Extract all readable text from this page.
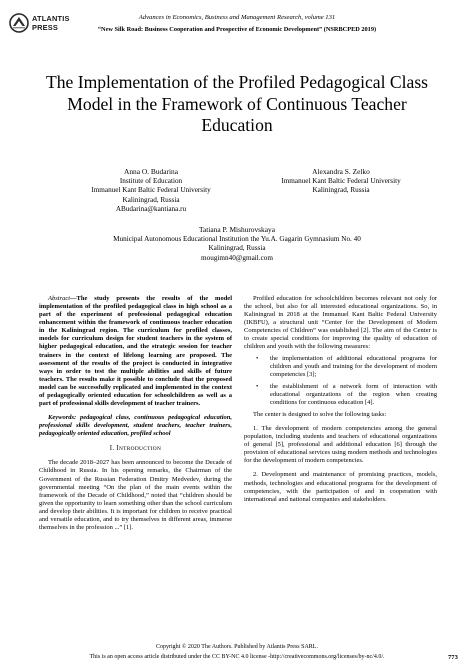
ATLANTIS
PRESS
Advances in Economics, Business and Management Research, volume 131
“New Silk Road: Business Cooperation and Prospective of Economic Development” (NSRBCPED 2019)
The Implementation of the Profiled Pedagogical Class
Model in the Framework of Continuous Teacher
Education
Anna O. Budarina
Institute of Education
Immanuel Kant Baltic Federal University
Kaliningrad, Russia
ABudarina@kantiana.ru
Alexandra S. Zelko
Immanuel Kant Baltic Federal University
Kaliningrad, Russia
Tatiana P. Mishurovskaya
Municipal Autonomous Educational Institution the Yu.A. Gagarin Gymnasium No. 40
Kaliningrad, Russia
mougimn40@gmail.com

Abstract—The study presents the results of the model implementation of the profiled pedagogical class in high school as a part of the experiment of professional pedagogical education enhancement within the framework of continuous teacher education in the Kaliningrad region. The curriculum for profiled classes, models for curriculum design for student teachers in the system of higher pedagogical education, and the strategic session for teacher trainers in the context of lifelong learning are proposed. The assessment of the results of the project is conducted in integrative ways in order to test the multiple abilities and skills of future teachers. The results make it possible to conclude that the proposed model can be successfully replicated and implemented in the context of pedagogically oriented education for schoolchildren as well as a part of professional skills development of teacher trainers.

Keywords: pedagogical class, continuous pedagogical education, professional skills development, student teachers, teacher trainers, pedagogically oriented education, profiled school

I. INTRODUCTION

The decade 2018–2027 has been announced to become the Decade of Childhood in Russia. In his opening remarks, the Chairman of the Government of the Russian Federation Dmitry Medvedev, during the governmental meeting “On the plan of the main events within the framework of the Decade of Childhood,” noted that “children should be given the opportunity to learn something other than the school curriculum and develop their abilities. It is important for children to receive practical and versatile education, and to try themselves in different areas, immerse themselves in the profession ...” [1].

Profiled education for schoolchildren becomes relevant not only for the school, but also for all interested educational organizations. So, in Kaliningrad in 2018 at the Immanuel Kant Baltic Federal University (IKBFU), a structural unit “Center for the Development of Modern Competencies of Children” was established [2]. The aim of the Center is to create special conditions for improving the quality of education of children and youth with the following measures:

• the implementation of additional educational programs for children and youth and training for the development of modern competencies [3];
• the establishment of a network form of interaction with educational organizations of the region when creating conditions for continuous education [4].

The center is designed to solve the following tasks:

1. The development of modern competencies among the general population, including students and teachers of educational organizations of general [5], professional and additional education [6] through the provision of educational services using modern methods and technologies for the development of modern competencies.

2. Development and maintenance of promising practices, models, methods, technologies and educational programs for the development of competencies, with the participation of and in cooperation with international and national companies and stakeholders.

Copyright © 2020 The Authors. Published by Atlantis Press SARL.
This is an open access article distributed under the CC BY-NC 4.0 license -http://creativecommons.org/licenses/by-nc/4.0/.	773
